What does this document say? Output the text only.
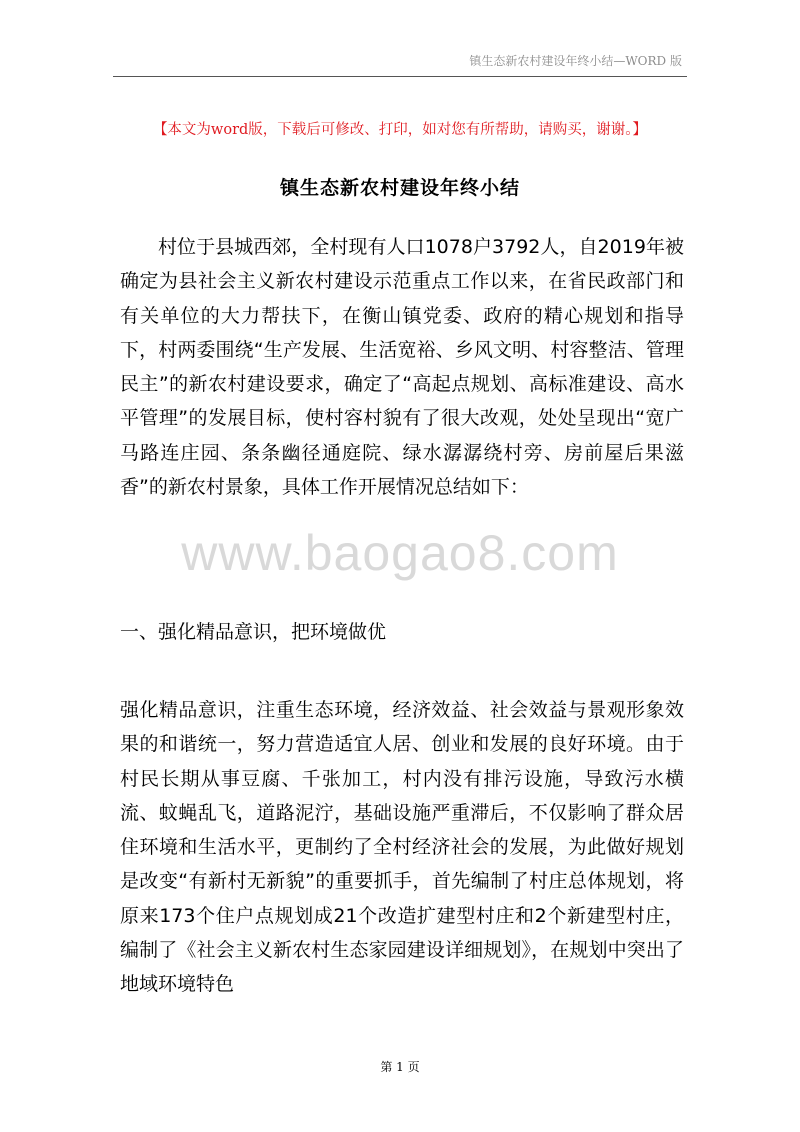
镇生态新农村建设年终小结—WORD 版
【本文为word版，下载后可修改、打印，如对您有所帮助，请购买，谢谢。】
镇生态新农村建设年终小结
www.baogao8.com

村位于县城西郊，全村现有人口1078户3792人，自2019年被确定为县社会主义新农村建设示范重点工作以来，在省民政部门和有关单位的大力帮扶下，在衡山镇党委、政府的精心规划和指导下，村两委围绕“生产发展、生活宽裕、乡风文明、村容整洁、管理民主”的新农村建设要求，确定了“高起点规划、高标准建设、高水平管理”的发展目标，使村容村貌有了很大改观，处处呈现出“宽广马路连庄园、条条幽径通庭院、绿水潺潺绕村旁、房前屋后果滋香”的新农村景象，具体工作开展情况总结如下：

一、强化精品意识，把环境做优

强化精品意识，注重生态环境，经济效益、社会效益与景观形象效果的和谐统一，努力营造适宜人居、创业和发展的良好环境。由于村民长期从事豆腐、千张加工，村内没有排污设施，导致污水横流、蚊蝇乱飞，道路泥泞，基础设施严重滞后，不仅影响了群众居住环境和生活水平，更制约了全村经济社会的发展，为此做好规划是改变“有新村无新貌”的重要抓手，首先编制了村庄总体规划，将原来173个住户点规划成21个改造扩建型村庄和2个新建型村庄，编制了《社会主义新农村生态家园建设详细规划》，在规划中突出了地域环境特色

第 1 页
